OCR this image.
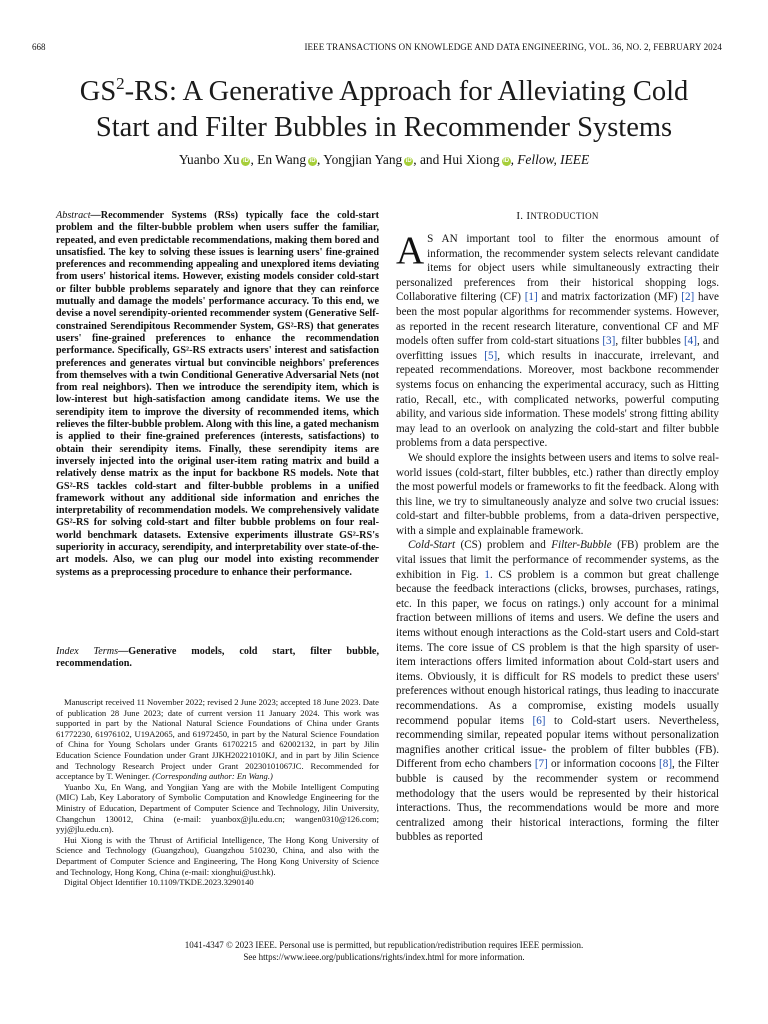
668	IEEE TRANSACTIONS ON KNOWLEDGE AND DATA ENGINEERING, VOL. 36, NO. 2, FEBRUARY 2024
$GS^2-RS$: A Generative Approach for Alleviating Cold
Start and Filter Bubbles in Recommender Systems
Yuanbo Xu iD , En Wang iD , Yongjian Yang iD , and Hui Xiong iD , Fellow, IEEE
Abstract—Recommender Systems (RSs) typically face the cold-start problem and the filter-bubble problem when users suffer the familiar, repeated, and even predictable recommendations, making them bored and unsatisfied. The key to solving these issues is learning users' fine-grained preferences and recommending appealing and unexplored items deviating from users' historical items. However, existing models consider cold-start or filter bubble problems separately and ignore that they can reinforce mutually and damage the models' performance accuracy. To this end, we devise a novel serendipity-oriented recommender system (Generative Self-constrained Serendipitous Recommender System, GS²-RS) that generates users' fine-grained preferences to enhance the recommendation performance. Specifically, GS²-RS extracts users' interest and satisfaction preferences and generates virtual but convincible neighbors' preferences from themselves with a twin Conditional Generative Adversarial Nets (not from real neighbors). Then we introduce the serendipity item, which is low-interest but high-satisfaction among candidate items. We use the serendipity item to improve the diversity of recommended items, which relieves the filter-bubble problem. Along with this line, a gated mechanism is applied to their fine-grained preferences (interests, satisfactions) to obtain their serendipity items. Finally, these serendipity items are inversely injected into the original user-item rating matrix and build a relatively dense matrix as the input for backbone RS models. Note that GS²-RS tackles cold-start and filter-bubble problems in a unified framework without any additional side information and enriches the interpretability of recommendation models. We comprehensively validate GS²-RS for solving cold-start and filter bubble problems on four real-world benchmark datasets. Extensive experiments illustrate GS²-RS's superiority in accuracy, serendipity, and interpretability over state-of-the-art models. Also, we can plug our model into existing recommender systems as a preprocessing procedure to enhance their performance.
Index Terms—Generative models, cold start, filter bubble, recommendation.

Manuscript received 11 November 2022; revised 2 June 2023; accepted 18 June 2023. Date of publication 28 June 2023; date of current version 11 January 2024. This work was supported in part by the National Natural Science Foundations of China under Grants 61772230, 61976102, U19A2065, and 61972450, in part by the Natural Science Foundation of China for Young Scholars under Grants 61702215 and 62002132, in part by Jilin Education Science Foundation under Grant JJKH20221010KJ, and in part by Jilin Science and Technology Research Project under Grant 20230101067JC. Recommended for acceptance by T. Weninger. (Corresponding author: En Wang.)

Yuanbo Xu, En Wang, and Yongjian Yang are with the Mobile Intelligent Computing (MIC) Lab, Key Laboratory of Symbolic Computation and Knowledge Engineering for the Ministry of Education, Department of Computer Science and Technology, Jilin University, Changchun 130012, China (e-mail: yuanbox@jlu.edu.cn; wangen0310@126.com; yyj@jlu.edu.cn).

Hui Xiong is with the Thrust of Artificial Intelligence, The Hong Kong University of Science and Technology (Guangzhou), Guangzhou 510230, China, and also with the Department of Computer Science and Engineering, The Hong Kong University of Science and Technology, Hong Kong, China (e-mail: xionghui@ust.hk).

Digital Object Identifier 10.1109/TKDE.2023.3290140

I. INTRODUCTION

A S AN important tool to filter the enormous amount of information, the recommender system selects relevant candidate items for object users while simultaneously extracting their personalized preferences from their historical shopping logs. Collaborative filtering (CF) [1] and matrix factorization (MF) [2] have been the most popular algorithms for recommender systems. However, as reported in the recent research literature, conventional CF and MF models often suffer from cold-start situations [3], filter bubbles [4], and overfitting issues [5], which results in inaccurate, irrelevant, and repeated recommendations. Moreover, most backbone recommender systems focus on enhancing the experimental accuracy, such as Hitting ratio, Recall, etc., with complicated networks, powerful computing ability, and various side information. These models' strong fitting ability may lead to an overlook on analyzing the cold-start and filter bubble problems from a data perspective.

We should explore the insights between users and items to solve real-world issues (cold-start, filter bubbles, etc.) rather than directly employ the most powerful models or frameworks to fit the feedback. Along with this line, we try to simultaneously analyze and solve two crucial issues: cold-start and filter-bubble problems, from a data-driven perspective, with a simple and explainable framework.

Cold-Start (CS) problem and Filter-Bubble (FB) problem are the vital issues that limit the performance of recommender systems, as the exhibition in Fig. 1. CS problem is a common but great challenge because the feedback interactions (clicks, browses, purchases, ratings, etc. In this paper, we focus on ratings.) only account for a minimal fraction between millions of items and users. We define the users and items without enough interactions as the Cold-start users and Cold-start items. The core issue of CS problem is that the high sparsity of user-item interactions offers limited information about Cold-start users and items. Obviously, it is difficult for RS models to predict these users' preferences without enough historical ratings, thus leading to inaccurate recommendations. As a compromise, existing models usually recommend popular items [6] to Cold-start users. Nevertheless, recommending similar, repeated popular items without personalization magnifies another critical issue- the problem of filter bubbles (FB). Different from echo chambers [7] or information cocoons [8], the Filter bubble is caused by the recommender system or recommend methodology that the users would be represented by their historical interactions. Thus, the recommendations would be more and more centralized among their historical interactions, forming the filter bubbles as reported

1041-4347 © 2023 IEEE. Personal use is permitted, but republication/redistribution requires IEEE permission.
See https://www.ieee.org/publications/rights/index.html for more information.
